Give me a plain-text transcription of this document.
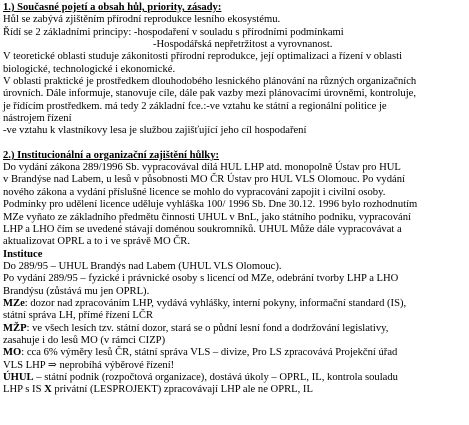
1.) Současné pojetí a obsah hůl, priority, zásady:

Hůl se zabývá zjištěním přírodní reprodukce lesního ekosystému.

Řídí se 2 základními principy: -hospodaření v souladu s přírodními podmínkami

-Hospodářská nepřetržitost a vyrovnanost.

V teoretické oblasti studuje zákonitosti přírodní reprodukce, její optimalizaci a řízení v oblasti

biologické, technologické i ekonomické.

V oblasti praktické je prostředkem dlouhodobého lesnického plánování na různých organizačních

úrovních. Dále informuje, stanovuje cíle, dále pak vazby mezi plánovacími úrovněmi, kontroluje,

je řídícím prostředkem. má tedy 2 základní fce.:-ve vztahu ke státní a regionální politice je

nástrojem řízení

-ve vztahu k vlastníkovy lesa je službou zajišťující jeho cíl hospodaření

2.) Institucionální a organizační zajištění hůlky:

Do vydání zákona 289/1996 Sb. vypracovával dílá HUL LHP atd. monopolně Ústav pro HUL

v Brandýse nad Labem, u lesů v působnosti MO ČR Ústav pro HUL VLS Olomouc. Po vydání

nového zákona a vydání příslušné licence se mohlo do vypracování zapojit i civilní osoby.

Podmínky pro udělení licence uděluje vyhláška 100/ 1996 Sb. Dne 30.12. 1996 bylo rozhodnutím

MZe vyňato ze základního předmětu činnosti UHUL v BnL, jako státního podniku, vypracování

LHP a LHO čím se uvedené stávají doménou soukromníků. UHUL Může dále vypracovávat a

aktualizovat OPRL a to i ve správě MO ČR.

Instituce

Do 289/95 – UHUL Brandýs nad Labem (UHUL VLS Olomouc).

Po vydání 289/95 – fyzické i právnické osoby s licencí od MZe, odebrání tvorby LHP a LHO

Brandýsu (zůstává mu jen OPRL).

MZe: dozor nad zpracováním LHP, vydává vyhlášky, interní pokyny, informační standard (IS),

státní správa LH, přímé řízení LČR

MŽP: ve všech lesích tzv. státní dozor, stará se o půdní lesní fond a dodržování legislativy,

zasahuje i do lesů MO (v rámci CIZP)

MO: cca 6% výměry lesů ČR, státní správa VLS – divize, Pro LS zpracovává Projekční úřad

VLS LHP ⇒ neprobíhá výběrové řízení!

ÚHUL – státní podnik (rozpočtová organizace), dostává úkoly – OPRL, IL, kontrola souladu

LHP s IS X privátní (LESPROJEKT) zpracovávají LHP ale ne OPRL, IL
